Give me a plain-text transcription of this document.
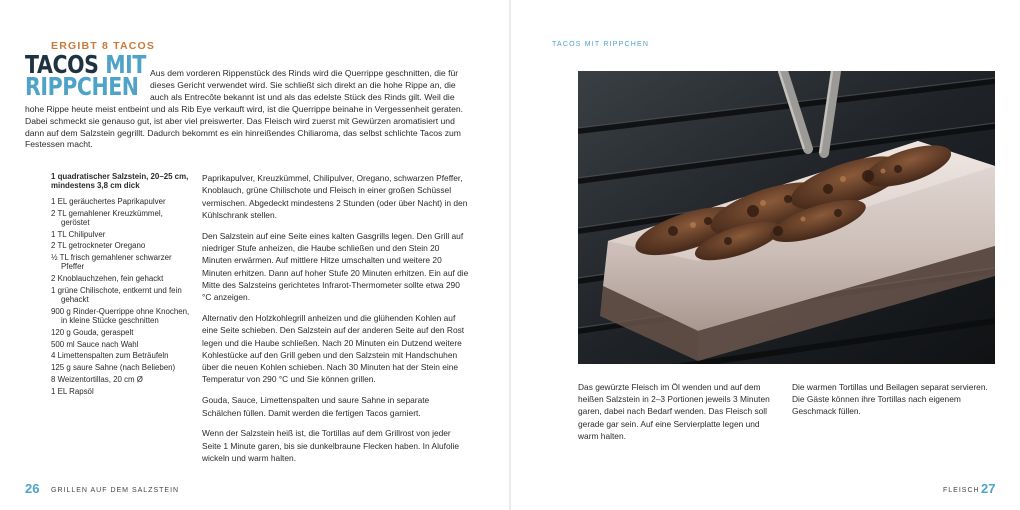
ERGIBT 8 TACOS
TACOS MIT
RIPPCHEN	Aus dem vorderen Rippenstück des Rinds wird die Querrippe geschnitten, die für dieses Gericht verwendet wird. Sie schließt sich direkt an die hohe Rippe an, die auch als Entrecôte bekannt ist und als das edelste Stück des Rinds gilt. Weil die hohe Rippe heute meist entbeint und als Rib Eye verkauft wird, ist die Querrippe beinahe in Vergessenheit geraten. Dabei schmeckt sie genauso gut, ist aber viel preiswerter. Das Fleisch wird zuerst mit Gewürzen aromatisiert und dann auf dem Salzstein gegrillt. Dadurch bekommt es ein hinreißendes Chiliaroma, das selbst schlichte Tacos zum Festessen macht.
1 quadratischer Salzstein, 20–25 cm, mindestens 3,8 cm dick
1 EL geräuchertes Paprikapulver
2 TL gemahlener Kreuzkümmel, geröstet
1 TL Chilipulver
2 TL getrockneter Oregano
½ TL frisch gemahlener schwarzer Pfeffer
2 Knoblauchzehen, fein gehackt
1 grüne Chilischote, entkernt und fein gehackt
900 g Rinder-Querrippe ohne Knochen, in kleine Stücke geschnitten
120 g Gouda, geraspelt
500 ml Sauce nach Wahl
4 Limettenspalten zum Beträufeln
125 g saure Sahne (nach Belieben)
8 Weizentortillas, 20 cm Ø
1 EL Rapsöl

Paprikapulver, Kreuzkümmel, Chilipulver, Oregano, schwarzen Pfeffer, Knoblauch, grüne Chilischote und Fleisch in einer großen Schüssel vermischen. Abgedeckt mindestens 2 Stunden (oder über Nacht) in den Kühlschrank stellen.

Den Salzstein auf eine Seite eines kalten Gasgrills legen. Den Grill auf niedriger Stufe anheizen, die Haube schließen und den Stein 20 Minuten erwärmen. Auf mittlere Hitze umschalten und weitere 20 Minuten erhitzen. Dann auf hoher Stufe 20 Minuten erhitzen. Ein auf die Mitte des Salzsteins gerichtetes Infrarot-Thermometer sollte etwa 290 °C anzeigen.

Alternativ den Holzkohlegrill anheizen und die glühenden Kohlen auf eine Seite schieben. Den Salzstein auf der anderen Seite auf den Rost legen und die Haube schließen. Nach 20 Minuten ein Dutzend weitere Kohlestücke auf den Grill geben und den Salzstein mit Handschuhen über die neuen Kohlen schieben. Nach 30 Minuten hat der Stein eine Temperatur von 290 °C und Sie können grillen.

Gouda, Sauce, Limettenspalten und saure Sahne in separate Schälchen füllen. Damit werden die fertigen Tacos garniert.

Wenn der Salzstein heiß ist, die Tortillas auf dem Grillrost von jeder Seite 1 Minute garen, bis sie dunkelbraune Flecken haben. In Alufolie wickeln und warm halten.

26 GRILLEN AUF DEM SALZSTEIN
TACOS MIT RIPPCHEN
Das gewürzte Fleisch im Öl wenden und auf dem heißen Salzstein in 2–3 Portionen jeweils 3 Minuten garen, dabei nach Bedarf wenden. Das Fleisch soll gerade gar sein. Auf eine Servierplatte legen und warm halten.
Die warmen Tortillas und Beilagen separat servieren. Die Gäste können ihre Tortillas nach eigenem Geschmack füllen.
FLEISCH 27
